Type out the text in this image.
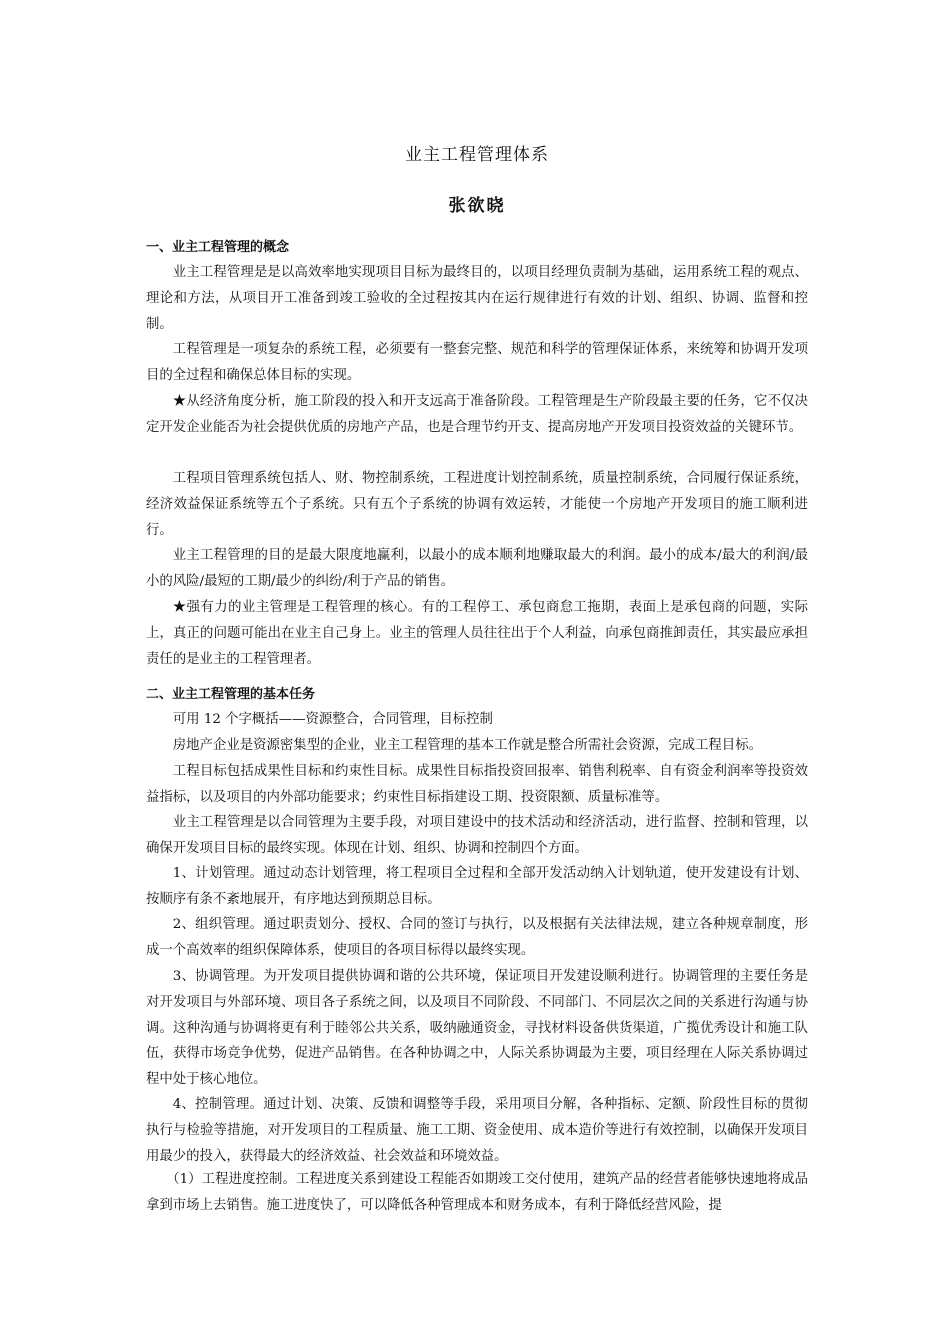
业主工程管理体系
张欲晓
一、业主工程管理的概念

业主工程管理是是以高效率地实现项目目标为最终目的，以项目经理负责制为基础，运用系统工程的观点、理论和方法，从项目开工准备到竣工验收的全过程按其内在运行规律进行有效的计划、组织、协调、监督和控制。

工程管理是一项复杂的系统工程，必须要有一整套完整、规范和科学的管理保证体系，来统筹和协调开发项目的全过程和确保总体目标的实现。

★从经济角度分析，施工阶段的投入和开支远高于准备阶段。工程管理是生产阶段最主要的任务，它不仅决定开发企业能否为社会提供优质的房地产产品，也是合理节约开支、提高房地产开发项目投资效益的关键环节。

工程项目管理系统包括人、财、物控制系统，工程进度计划控制系统，质量控制系统，合同履行保证系统，经济效益保证系统等五个子系统。只有五个子系统的协调有效运转，才能使一个房地产开发项目的施工顺利进行。

业主工程管理的目的是最大限度地赢利，以最小的成本顺利地赚取最大的利润。最小的成本/最大的利润/最小的风险/最短的工期/最少的纠纷/利于产品的销售。

★强有力的业主管理是工程管理的核心。有的工程停工、承包商怠工拖期，表面上是承包商的问题，实际上，真正的问题可能出在业主自己身上。业主的管理人员往往出于个人利益，向承包商推卸责任，其实最应承担责任的是业主的工程管理者。

二、业主工程管理的基本任务

可用 12 个字概括——资源整合，合同管理，目标控制

房地产企业是资源密集型的企业，业主工程管理的基本工作就是整合所需社会资源，完成工程目标。

工程目标包括成果性目标和约束性目标。成果性目标指投资回报率、销售利税率、自有资金利润率等投资效益指标，以及项目的内外部功能要求；约束性目标指建设工期、投资限额、质量标准等。

业主工程管理是以合同管理为主要手段，对项目建设中的技术活动和经济活动，进行监督、控制和管理，以确保开发项目目标的最终实现。体现在计划、组织、协调和控制四个方面。

1、计划管理。通过动态计划管理，将工程项目全过程和全部开发活动纳入计划轨道，使开发建设有计划、按顺序有条不紊地展开，有序地达到预期总目标。

2、组织管理。通过职责划分、授权、合同的签订与执行，以及根据有关法律法规，建立各种规章制度，形成一个高效率的组织保障体系，使项目的各项目标得以最终实现。

3、协调管理。为开发项目提供协调和谐的公共环境，保证项目开发建设顺利进行。协调管理的主要任务是对开发项目与外部环境、项目各子系统之间，以及项目不同阶段、不同部门、不同层次之间的关系进行沟通与协调。这种沟通与协调将更有利于睦邻公共关系，吸纳融通资金，寻找材料设备供货渠道，广揽优秀设计和施工队伍，获得市场竞争优势，促进产品销售。在各种协调之中，人际关系协调最为主要，项目经理在人际关系协调过程中处于核心地位。

4、控制管理。通过计划、决策、反馈和调整等手段，采用项目分解，各种指标、定额、阶段性目标的贯彻执行与检验等措施，对开发项目的工程质量、施工工期、资金使用、成本造价等进行有效控制，以确保开发项目用最少的投入，获得最大的经济效益、社会效益和环境效益。

（1）工程进度控制。工程进度关系到建设工程能否如期竣工交付使用，建筑产品的经营者能够快速地将成品拿到市场上去销售。施工进度快了，可以降低各种管理成本和财务成本，有利于降低经营风险，提
